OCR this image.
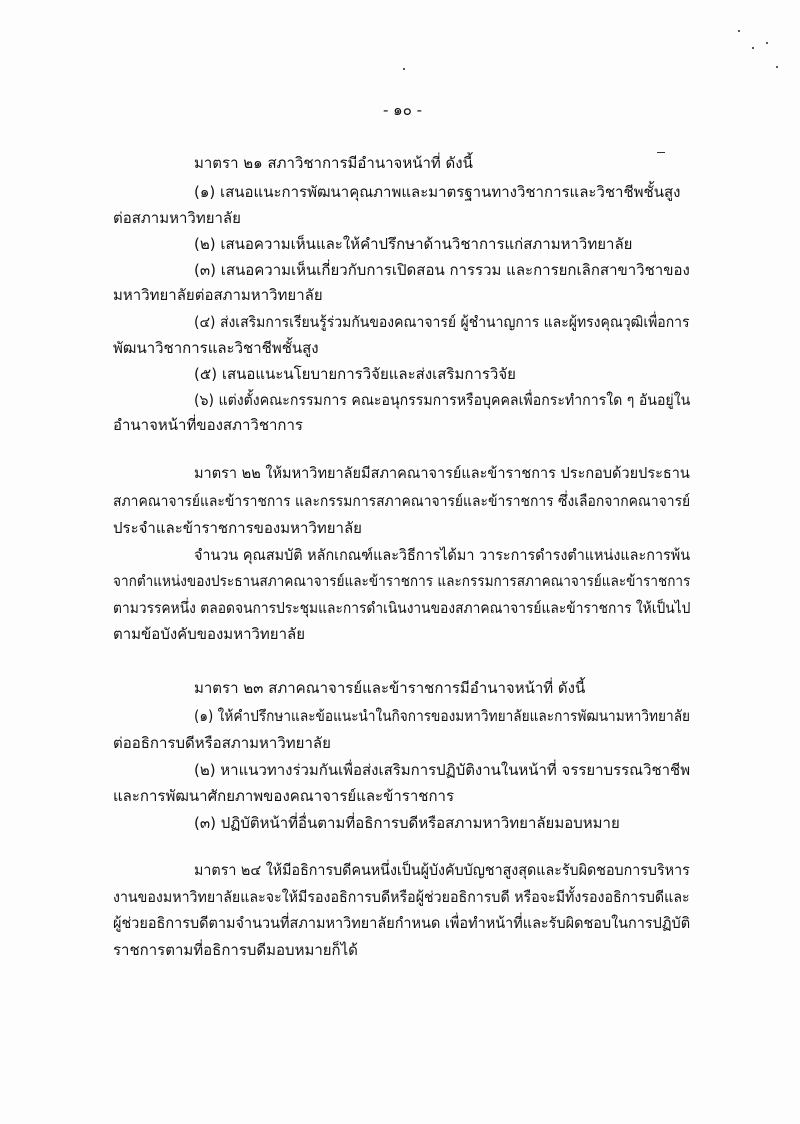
- ๑๐ -
มาตรา ๒๑ สภาวิชาการมีอำนาจหน้าที่ ดังนี้
(๑) เสนอแนะการพัฒนาคุณภาพและมาตรฐานทางวิชาการและวิชาชีพชั้นสูง
ต่อสภามหาวิทยาลัย
(๒) เสนอความเห็นและให้คำปรึกษาด้านวิชาการแก่สภามหาวิทยาลัย
(๓) เสนอความเห็นเกี่ยวกับการเปิดสอน การรวม และการยกเลิกสาขาวิชาของ
มหาวิทยาลัยต่อสภามหาวิทยาลัย
(๔) ส่งเสริมการเรียนรู้ร่วมกันของคณาจารย์ ผู้ชำนาญการ และผู้ทรงคุณวุฒิเพื่อการ
พัฒนาวิชาการและวิชาชีพชั้นสูง
(๕) เสนอแนะนโยบายการวิจัยและส่งเสริมการวิจัย
(๖) แต่งตั้งคณะกรรมการ คณะอนุกรรมการหรือบุคคลเพื่อกระทำการใด ๆ อันอยู่ใน
อำนาจหน้าที่ของสภาวิชาการ
มาตรา ๒๒ ให้มหาวิทยาลัยมีสภาคณาจารย์และข้าราชการ ประกอบด้วยประธาน
สภาคณาจารย์และข้าราชการ และกรรมการสภาคณาจารย์และข้าราชการ ซึ่งเลือกจากคณาจารย์
ประจำและข้าราชการของมหาวิทยาลัย
จำนวน คุณสมบัติ หลักเกณฑ์และวิธีการได้มา วาระการดำรงตำแหน่งและการพ้น
จากตำแหน่งของประธานสภาคณาจารย์และข้าราชการ และกรรมการสภาคณาจารย์และข้าราชการ
ตามวรรคหนึ่ง ตลอดจนการประชุมและการดำเนินงานของสภาคณาจารย์และข้าราชการ ให้เป็นไป
ตามข้อบังคับของมหาวิทยาลัย
มาตรา ๒๓ สภาคณาจารย์และข้าราชการมีอำนาจหน้าที่ ดังนี้
(๑) ให้คำปรึกษาและข้อแนะนำในกิจการของมหาวิทยาลัยและการพัฒนามหาวิทยาลัย
ต่ออธิการบดีหรือสภามหาวิทยาลัย
(๒) หาแนวทางร่วมกันเพื่อส่งเสริมการปฏิบัติงานในหน้าที่ จรรยาบรรณวิชาชีพ
และการพัฒนาศักยภาพของคณาจารย์และข้าราชการ
(๓) ปฏิบัติหน้าที่อื่นตามที่อธิการบดีหรือสภามหาวิทยาลัยมอบหมาย
มาตรา ๒๔ ให้มีอธิการบดีคนหนึ่งเป็นผู้บังคับบัญชาสูงสุดและรับผิดชอบการบริหาร
งานของมหาวิทยาลัยและจะให้มีรองอธิการบดีหรือผู้ช่วยอธิการบดี หรือจะมีทั้งรองอธิการบดีและ
ผู้ช่วยอธิการบดีตามจำนวนที่สภามหาวิทยาลัยกำหนด เพื่อทำหน้าที่และรับผิดชอบในการปฏิบัติ
ราชการตามที่อธิการบดีมอบหมายก็ได้
